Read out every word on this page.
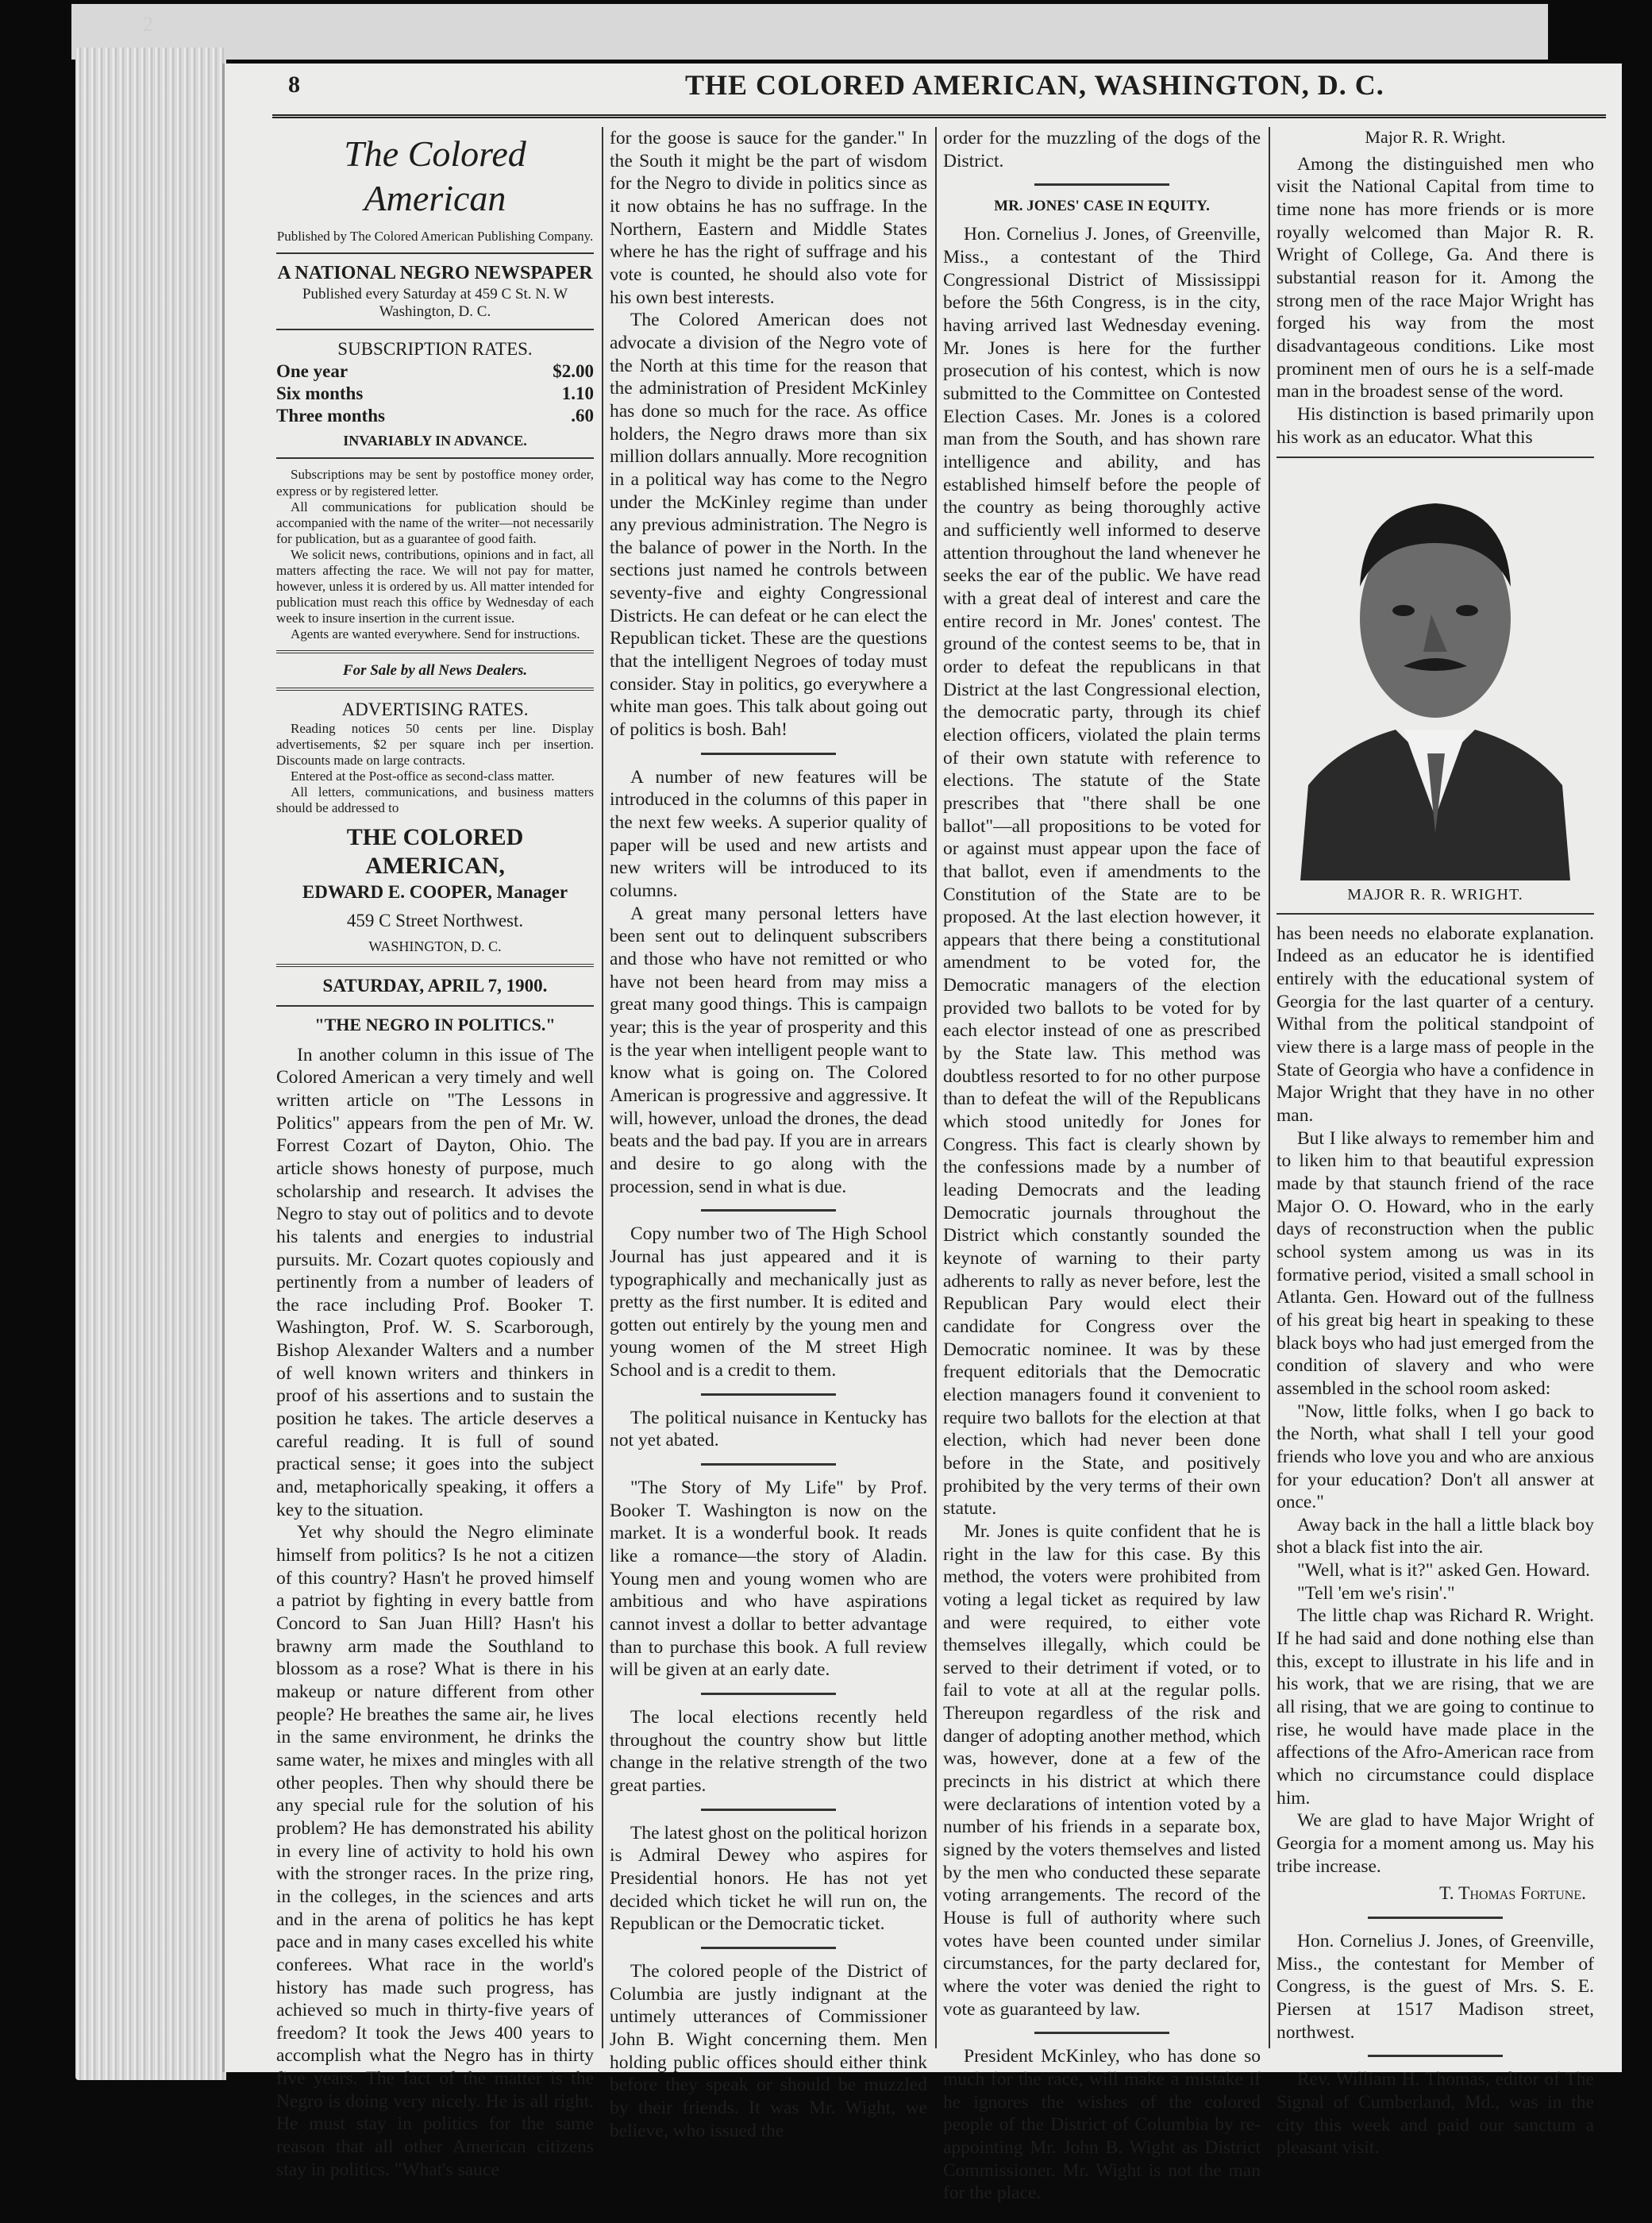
2
8	THE COLORED AMERICAN, WASHINGTON, D. C.
The Colored American
Published by The Colored American Publishing Company.
A NATIONAL NEGRO NEWSPAPER
Published every Saturday at 459 C St. N. W Washington, D. C.
SUBSCRIPTION RATES.
One year	$2.00
Six months	1.10
Three months	.60
INVARIABLY IN ADVANCE.

Subscriptions may be sent by postoffice money order, express or by registered letter.

All communications for publication should be accompanied with the name of the writer—not necessarily for publication, but as a guarantee of good faith.

We solicit news, contributions, opinions and in fact, all matters affecting the race. We will not pay for matter, however, unless it is ordered by us. All matter intended for publication must reach this office by Wednesday of each week to insure insertion in the current issue.

Agents are wanted everywhere. Send for instructions.

For Sale by all News Dealers.
ADVERTISING RATES.

Reading notices 50 cents per line. Display advertisements, $2 per square inch per insertion. Discounts made on large contracts.

Entered at the Post-office as second-class matter.

All letters, communications, and business matters should be addressed to

THE COLORED AMERICAN,
EDWARD E. COOPER, Manager
459 C Street Northwest.
WASHINGTON, D. C.
SATURDAY, APRIL 7, 1900.
"THE NEGRO IN POLITICS."

In another column in this issue of The Colored American a very timely and well written article on "The Lessons in Politics" appears from the pen of Mr. W. Forrest Cozart of Dayton, Ohio. The article shows honesty of purpose, much scholarship and research. It advises the Negro to stay out of politics and to devote his talents and energies to industrial pursuits. Mr. Cozart quotes copiously and pertinently from a number of leaders of the race including Prof. Booker T. Washington, Prof. W. S. Scarborough, Bishop Alexander Walters and a number of well known writers and thinkers in proof of his assertions and to sustain the position he takes. The article deserves a careful reading. It is full of sound practical sense; it goes into the subject and, metaphorically speaking, it offers a key to the situation.

Yet why should the Negro eliminate himself from politics? Is he not a citizen of this country? Hasn't he proved himself a patriot by fighting in every battle from Concord to San Juan Hill? Hasn't his brawny arm made the Southland to blossom as a rose? What is there in his makeup or nature different from other people? He breathes the same air, he lives in the same environment, he drinks the same water, he mixes and mingles with all other peoples. Then why should there be any special rule for the solution of his problem? He has demonstrated his ability in every line of activity to hold his own with the stronger races. In the prize ring, in the colleges, in the sciences and arts and in the arena of politics he has kept pace and in many cases excelled his white conferees. What race in the world's history has made such progress, has achieved so much in thirty-five years of freedom? It took the Jews 400 years to accomplish what the Negro has in thirty five years. The fact of the matter is the Negro is doing very nicely. He is all right. He must stay in politics for the same reason that all other American citizens stay in politics. "What's sauce

for the goose is sauce for the gander." In the South it might be the part of wisdom for the Negro to divide in politics since as it now obtains he has no suffrage. In the Northern, Eastern and Middle States where he has the right of suffrage and his vote is counted, he should also vote for his own best interests.

The Colored American does not advocate a division of the Negro vote of the North at this time for the reason that the administration of President McKinley has done so much for the race. As office holders, the Negro draws more than six million dollars annually. More recognition in a political way has come to the Negro under the McKinley regime than under any previous administration. The Negro is the balance of power in the North. In the sections just named he controls between seventy-five and eighty Congressional Districts. He can defeat or he can elect the Republican ticket. These are the questions that the intelligent Negroes of today must consider. Stay in politics, go everywhere a white man goes. This talk about going out of politics is bosh. Bah!

A number of new features will be introduced in the columns of this paper in the next few weeks. A superior quality of paper will be used and new artists and new writers will be introduced to its columns.

A great many personal letters have been sent out to delinquent subscribers and those who have not remitted or who have not been heard from may miss a great many good things. This is campaign year; this is the year of prosperity and this is the year when intelligent people want to know what is going on. The Colored American is progressive and aggressive. It will, however, unload the drones, the dead beats and the bad pay. If you are in arrears and desire to go along with the procession, send in what is due.

Copy number two of The High School Journal has just appeared and it is typographically and mechanically just as pretty as the first number. It is edited and gotten out entirely by the young men and young women of the M street High School and is a credit to them.

The political nuisance in Kentucky has not yet abated.

"The Story of My Life" by Prof. Booker T. Washington is now on the market. It is a wonderful book. It reads like a romance—the story of Aladin. Young men and young women who are ambitious and who have aspirations cannot invest a dollar to better advantage than to purchase this book. A full review will be given at an early date.

The local elections recently held throughout the country show but little change in the relative strength of the two great parties.

The latest ghost on the political horizon is Admiral Dewey who aspires for Presidential honors. He has not yet decided which ticket he will run on, the Republican or the Democratic ticket.

The colored people of the District of Columbia are justly indignant at the untimely utterances of Commissioner John B. Wight concerning them. Men holding public offices should either think before they speak or should be muzzled by their friends. It was Mr. Wight, we believe, who issued the

order for the muzzling of the dogs of the District.

MR. JONES' CASE IN EQUITY.

Hon. Cornelius J. Jones, of Greenville, Miss., a contestant of the Third Congressional District of Mississippi before the 56th Congress, is in the city, having arrived last Wednesday evening. Mr. Jones is here for the further prosecution of his contest, which is now submitted to the Committee on Contested Election Cases. Mr. Jones is a colored man from the South, and has shown rare intelligence and ability, and has established himself before the people of the country as being thoroughly active and sufficiently well informed to deserve attention throughout the land whenever he seeks the ear of the public. We have read with a great deal of interest and care the entire record in Mr. Jones' contest. The ground of the contest seems to be, that in order to defeat the republicans in that District at the last Congressional election, the democratic party, through its chief election officers, violated the plain terms of their own statute with reference to elections. The statute of the State prescribes that "there shall be one ballot"—all propositions to be voted for or against must appear upon the face of that ballot, even if amendments to the Constitution of the State are to be proposed. At the last election however, it appears that there being a constitutional amendment to be voted for, the Democratic managers of the election provided two ballots to be voted for by each elector instead of one as prescribed by the State law. This method was doubtless resorted to for no other purpose than to defeat the will of the Republicans which stood unitedly for Jones for Congress. This fact is clearly shown by the confessions made by a number of leading Democrats and the leading Democratic journals throughout the District which constantly sounded the keynote of warning to their party adherents to rally as never before, lest the Republican Pary would elect their candidate for Congress over the Democratic nominee. It was by these frequent editorials that the Democratic election managers found it convenient to require two ballots for the election at that election, which had never been done before in the State, and positively prohibited by the very terms of their own statute.

Mr. Jones is quite confident that he is right in the law for this case. By this method, the voters were prohibited from voting a legal ticket as required by law and were required, to either vote themselves illegally, which could be served to their detriment if voted, or to fail to vote at all at the regular polls. Thereupon regardless of the risk and danger of adopting another method, which was, however, done at a few of the precincts in his district at which there were declarations of intention voted by a number of his friends in a separate box, signed by the voters themselves and listed by the men who conducted these separate voting arrangements. The record of the House is full of authority where such votes have been counted under similar circumstances, for the party declared for, where the voter was denied the right to vote as guaranteed by law.

President McKinley, who has done so much for the race, will make a mistake if he ignores the wishes of the colored people of the District of Columbia by re-appointing Mr. John B. Wight as District Commissioner. Mr. Wight is not the man for the place.

Major R. R. Wright.

Among the distinguished men who visit the National Capital from time to time none has more friends or is more royally welcomed than Major R. R. Wright of College, Ga. And there is substantial reason for it. Among the strong men of the race Major Wright has forged his way from the most disadvantageous conditions. Like most prominent men of ours he is a self-made man in the broadest sense of the word.

His distinction is based primarily upon his work as an educator. What this

MAJOR R. R. WRIGHT.

has been needs no elaborate explanation. Indeed as an educator he is identified entirely with the educational system of Georgia for the last quarter of a century. Withal from the political standpoint of view there is a large mass of people in the State of Georgia who have a confidence in Major Wright that they have in no other man.

But I like always to remember him and to liken him to that beautiful expression made by that staunch friend of the race Major O. O. Howard, who in the early days of reconstruction when the public school system among us was in its formative period, visited a small school in Atlanta. Gen. Howard out of the fullness of his great big heart in speaking to these black boys who had just emerged from the condition of slavery and who were assembled in the school room asked:

"Now, little folks, when I go back to the North, what shall I tell your good friends who love you and who are anxious for your education? Don't all answer at once."

Away back in the hall a little black boy shot a black fist into the air.

"Well, what is it?" asked Gen. Howard.

"Tell 'em we's risin'."

The little chap was Richard R. Wright. If he had said and done nothing else than this, except to illustrate in his life and in his work, that we are rising, that we are all rising, that we are going to continue to rise, he would have made place in the affections of the Afro-American race from which no circumstance could displace him.

We are glad to have Major Wright of Georgia for a moment among us. May his tribe increase.

T. Thomas Fortune.

Hon. Cornelius J. Jones, of Greenville, Miss., the contestant for Member of Congress, is the guest of Mrs. S. E. Piersen at 1517 Madison street, northwest.

Rev. William H. Thomas, editor of The Signal of Cumberland, Md., was in the city this week and paid our sanctum a pleasant visit.
